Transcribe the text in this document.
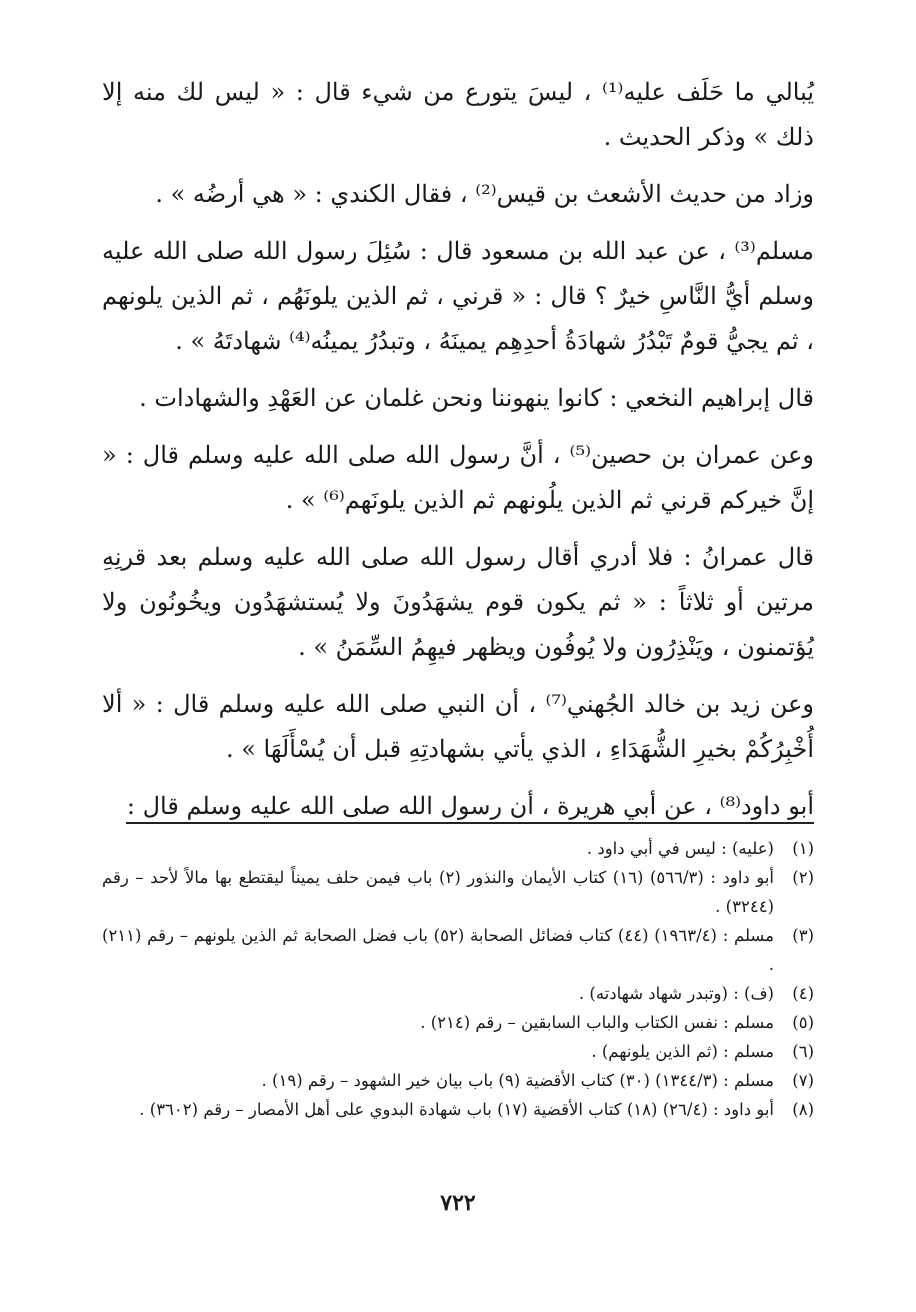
يُبالي ما حَلَف عليه⁽¹⁾ ، ليسَ يتورع من شيء قال : « ليس لك منه إلا ذلك » وذكر الحديث .

وزاد من حديث الأشعث بن قيس⁽²⁾ ، فقال الكندي : « هي أرضُه » .

مسلم⁽³⁾ ، عن عبد الله بن مسعود قال : سُئِلَ رسول الله صلى الله عليه وسلم أيُّ النَّاسِ خيرٌ ؟ قال : « قرني ، ثم الذين يلونَهُم ، ثم الذين يلونهم ، ثم يجيُّ قومٌ تَبْدُرُ شهادَةُ أحدِهِم يمينَهُ ، وتبدُرُ يمينُه⁽⁴⁾ شهادتَهُ » .

قال إبراهيم النخعي : كانوا ينهوننا ونحن غلمان عن العَهْدِ والشهادات .

وعن عمران بن حصين⁽⁵⁾ ، أنَّ رسول الله صلى الله عليه وسلم قال : « إنَّ خيركم قرني ثم الذين يلُونهم ثم الذين يلونَهم⁽⁶⁾ » .

قال عمرانُ : فلا أدري أقال رسول الله صلى الله عليه وسلم بعد قرنِهِ مرتين أو ثلاثاً : « ثم يكون قوم يشهَدُونَ ولا يُستشهَدُون ويخُونُون ولا يُؤتمنون ، ويَنْذِرُون ولا يُوفُون ويظهر فيهِمُ السِّمَنُ » .

وعن زيد بن خالد الجُهني⁽⁷⁾ ، أن النبي صلى الله عليه وسلم قال : « ألا أُخْبِرُكُمْ بخيرِ الشُّهَدَاءِ ، الذي يأتي بشهادتِهِ قبل أن يُسْأَلَهَا » .

أبو داود⁽⁸⁾ ، عن أبي هريرة ، أن رسول الله صلى الله عليه وسلم قال :

(١)
(عليه) : ليس في أبي داود .
(٢)
أبو داود : (٥٦٦/٣) (١٦) كتاب الأيمان والنذور (٢) باب فيمن حلف يميناً ليقتطع بها مالاً لأحد – رقم (٣٢٤٤) .
(٣)
مسلم : (١٩٦٣/٤) (٤٤) كتاب فضائل الصحابة (٥٢) باب فضل الصحابة ثم الذين يلونهم – رقم (٢١١) .
(٤)
(ف) : (وتبدر شهاد شهادته) .
(٥)
مسلم : نفس الكتاب والباب السابقين – رقم (٢١٤) .
(٦)
مسلم : (ثم الذين يلونهم) .
(٧)
مسلم : (١٣٤٤/٣) (٣٠) كتاب الأقضية (٩) باب بيان خير الشهود – رقم (١٩) .
(٨)
أبو داود : (٢٦/٤) (١٨) كتاب الأقضية (١٧) باب شهادة البدوي على أهل الأمصار – رقم (٣٦٠٢) .
٧٢٢
